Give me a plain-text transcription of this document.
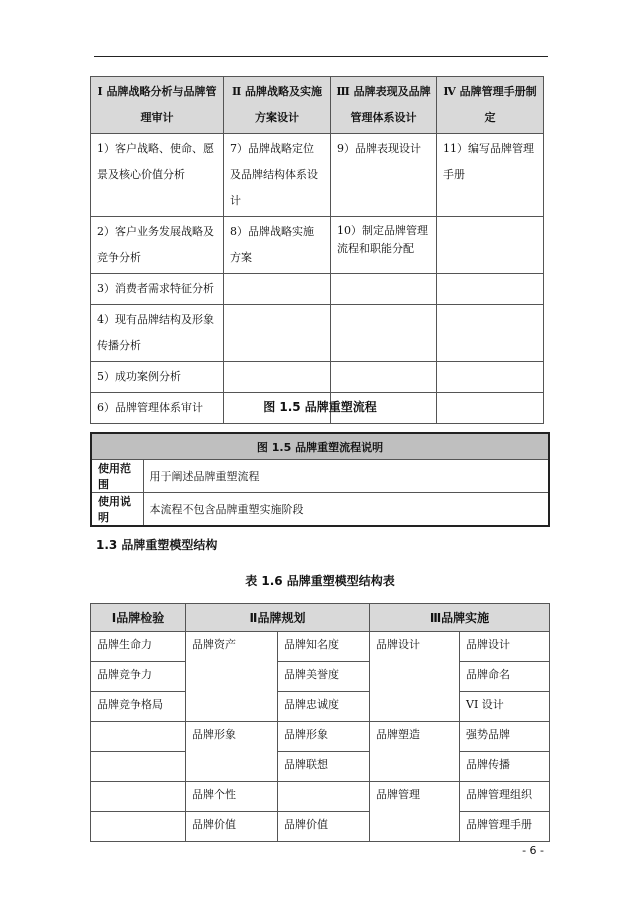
Ⅰ 品牌战略分析与品牌管理审计	Ⅱ 品牌战略及实施方案设计	Ⅲ 品牌表现及品牌管理体系设计	Ⅳ 品牌管理手册制定
1）客户战略、使命、愿景及核心价值分析	7）品牌战略定位及品牌结构体系设计	9）品牌表现设计	11）编写品牌管理手册
2）客户业务发展战略及竞争分析	8）品牌战略实施方案	10）制定品牌管理流程和职能分配	
3）消费者需求特征分析			
4）现有品牌结构及形象传播分析			
5）成功案例分析			
6）品牌管理体系审计				图 1.5 品牌重塑流程
图 1.5 品牌重塑流程说明	
使用范围	用于阐述品牌重塑流程
使用说明	本流程不包含品牌重塑实施阶段
1.3 品牌重塑模型结构
表 1.6 品牌重塑模型结构表
Ⅰ品牌检验	Ⅱ品牌规划		Ⅲ品牌实施	
品牌生命力	品牌资产	品牌知名度	品牌设计	品牌设计
品牌竞争力		品牌美誉度		品牌命名
品牌竞争格局		品牌忠诚度		VI 设计
	品牌形象	品牌形象	品牌塑造	强势品牌
		品牌联想		品牌传播
	品牌个性		品牌管理	品牌管理组织
	品牌价值	品牌价值		品牌管理手册
- 6 -
